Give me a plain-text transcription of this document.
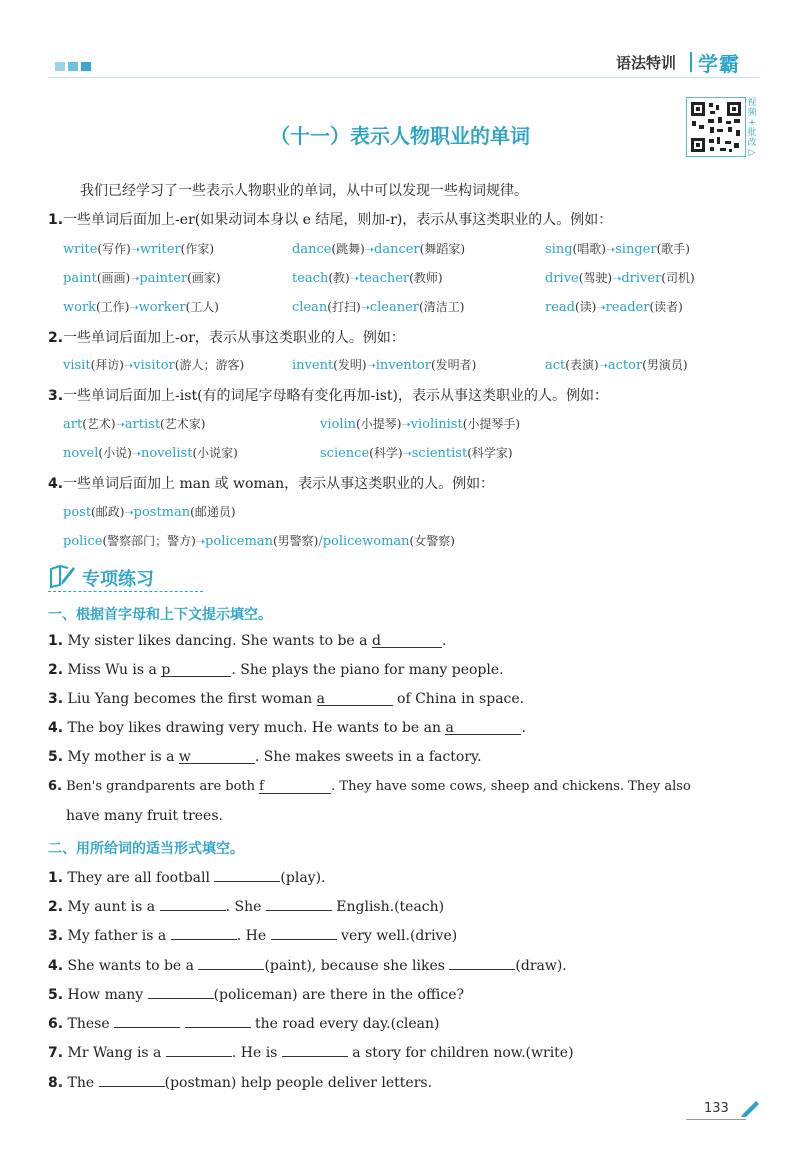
语法特训 学霸
视
频
+
批
改
▷
（十一）表示人物职业的单词
我们已经学习了一些表示人物职业的单词，从中可以发现一些构词规律。
1.一些单词后面加上-er(如果动词本身以 e 结尾，则加-r)，表示从事这类职业的人。例如：
write(写作)➝writer(作家)	dance(跳舞)➝dancer(舞蹈家)	sing(唱歌)➝singer(歌手)
paint(画画)➝painter(画家)	teach(教)➝teacher(教师)	drive(驾驶)➝driver(司机)
work(工作)➝worker(工人)	clean(打扫)➝cleaner(清洁工)	read(读)➝reader(读者)
2.一些单词后面加上-or，表示从事这类职业的人。例如：
visit(拜访)➝visitor(游人；游客)	invent(发明)➝inventor(发明者)	act(表演)➝actor(男演员)
3.一些单词后面加上-ist(有的词尾字母略有变化再加-ist)，表示从事这类职业的人。例如：
art(艺术)➝artist(艺术家)	violin(小提琴)➝violinist(小提琴手)
novel(小说)➝novelist(小说家)	science(科学)➝scientist(科学家)
4.一些单词后面加上 man 或 woman，表示从事这类职业的人。例如：
post(邮政)➝postman(邮递员)
police(警察部门；警方)➝policeman(男警察)/policewoman(女警察)
专项练习
一、根据首字母和上下文提示填空。
1. My sister likes dancing. She wants to be a d	.
2. Miss Wu is a p	. She plays the piano for many people.
3. Liu Yang becomes the first woman a	of China in space.
4. The boy likes drawing very much. He wants to be an a	.
5. My mother is a w	. She makes sweets in a factory.
6. Ben's grandparents are both f	. They have some cows, sheep and chickens. They also
have many fruit trees.
二、用所给词的适当形式填空。
1. They are all football	(play).
2. My aunt is a	. She	English.(teach)
3. My father is a	. He	very well.(drive)
4. She wants to be a	(paint), because she likes	(draw).
5. How many	(policeman) are there in the office?
6. These	the road every day.(clean)
7. Mr Wang is a	. He is	a story for children now.(write)
8. The	(postman) help people deliver letters.
133
